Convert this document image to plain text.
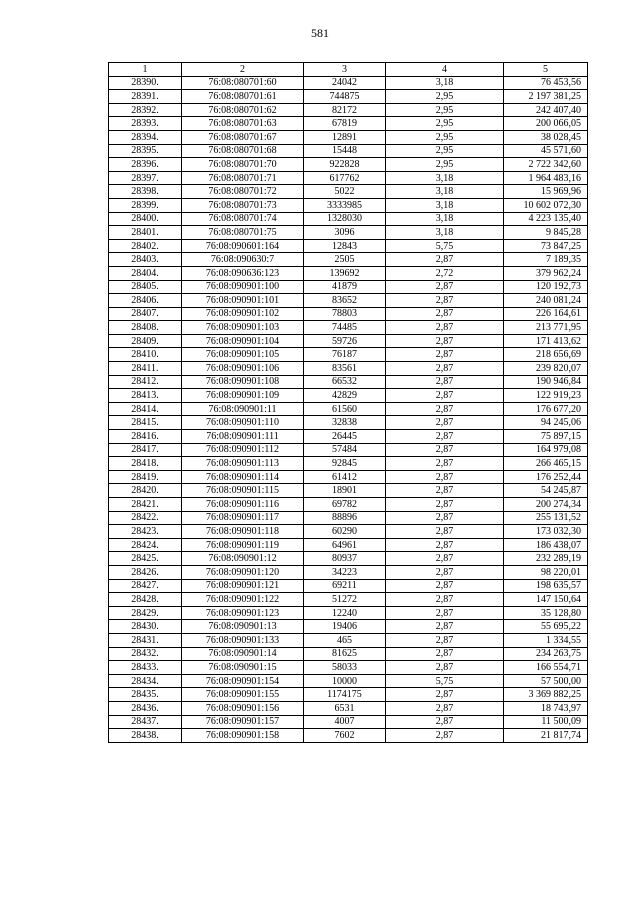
581
1	2	3	4	5
28390.	76:08:080701:60	24042	3,18	76 453,56
28391.	76:08:080701:61	744875	2,95	2 197 381,25
28392.	76:08:080701:62	82172	2,95	242 407,40
28393.	76:08:080701:63	67819	2,95	200 066,05
28394.	76:08:080701:67	12891	2,95	38 028,45
28395.	76:08:080701:68	15448	2,95	45 571,60
28396.	76:08:080701:70	922828	2,95	2 722 342,60
28397.	76:08:080701:71	617762	3,18	1 964 483,16
28398.	76:08:080701:72	5022	3,18	15 969,96
28399.	76:08:080701:73	3333985	3,18	10 602 072,30
28400.	76:08:080701:74	1328030	3,18	4 223 135,40
28401.	76:08:080701:75	3096	3,18	9 845,28
28402.	76:08:090601:164	12843	5,75	73 847,25
28403.	76:08:090630:7	2505	2,87	7 189,35
28404.	76:08:090636:123	139692	2,72	379 962,24
28405.	76:08:090901:100	41879	2,87	120 192,73
28406.	76:08:090901:101	83652	2,87	240 081,24
28407.	76:08:090901:102	78803	2,87	226 164,61
28408.	76:08:090901:103	74485	2,87	213 771,95
28409.	76:08:090901:104	59726	2,87	171 413,62
28410.	76:08:090901:105	76187	2,87	218 656,69
28411.	76:08:090901:106	83561	2,87	239 820,07
28412.	76:08:090901:108	66532	2,87	190 946,84
28413.	76:08:090901:109	42829	2,87	122 919,23
28414.	76:08:090901:11	61560	2,87	176 677,20
28415.	76:08:090901:110	32838	2,87	94 245,06
28416.	76:08:090901:111	26445	2,87	75 897,15
28417.	76:08:090901:112	57484	2,87	164 979,08
28418.	76:08:090901:113	92845	2,87	266 465,15
28419.	76:08:090901:114	61412	2,87	176 252,44
28420.	76:08:090901:115	18901	2,87	54 245,87
28421.	76:08:090901:116	69782	2,87	200 274,34
28422.	76:08:090901:117	88896	2,87	255 131,52
28423.	76:08:090901:118	60290	2,87	173 032,30
28424.	76:08:090901:119	64961	2,87	186 438,07
28425.	76:08:090901:12	80937	2,87	232 289,19
28426.	76:08:090901:120	34223	2,87	98 220,01
28427.	76:08:090901:121	69211	2,87	198 635,57
28428.	76:08:090901:122	51272	2,87	147 150,64
28429.	76:08:090901:123	12240	2,87	35 128,80
28430.	76:08:090901:13	19406	2,87	55 695,22
28431.	76:08:090901:133	465	2,87	1 334,55
28432.	76:08:090901:14	81625	2,87	234 263,75
28433.	76:08:090901:15	58033	2,87	166 554,71
28434.	76:08:090901:154	10000	5,75	57 500,00
28435.	76:08:090901:155	1174175	2,87	3 369 882,25
28436.	76:08:090901:156	6531	2,87	18 743,97
28437.	76:08:090901:157	4007	2,87	11 500,09
28438.	76:08:090901:158	7602	2,87	21 817,74
